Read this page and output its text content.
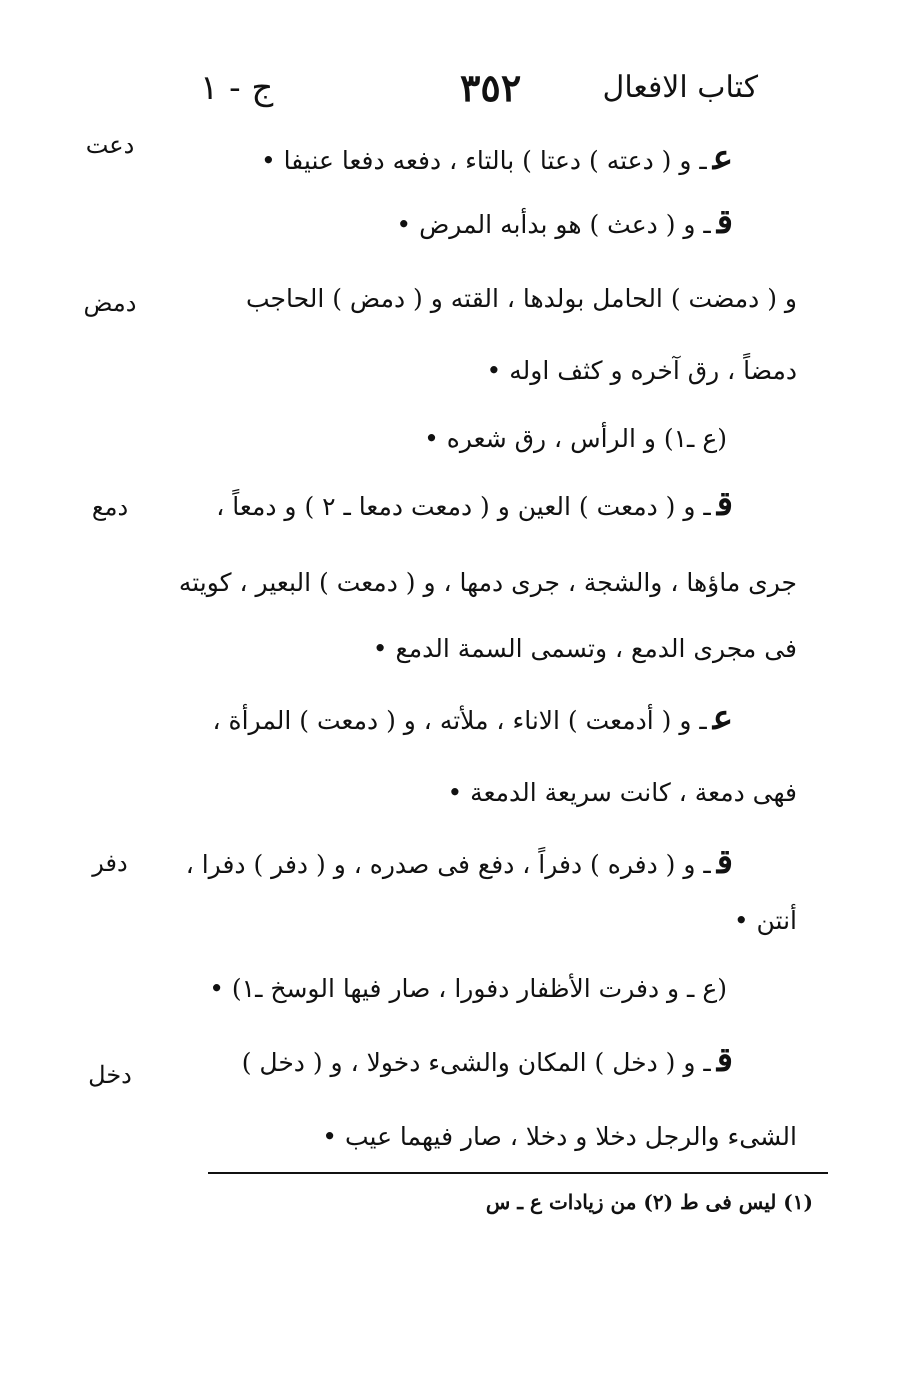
كتاب الافعال
٣٥٢
ج - ١
دعت
دمض
دمع
دفر
دخل
عـ و ( دعته ) دعتا ) بالتاء ، دفعه دفعا عنيفا •
قـ و ( دعث ) هو بدأبه المرض •
و ( دمضت ) الحامل بولدها ، القته و ( دمض ) الحاجب
دمضاً ، رق آخره و كثف اوله •
(ع ـ١) و الرأس ، رق شعره •
قـ و ( دمعت ) العين و ( دمعت دمعا ـ ٢ ) و دمعاً ،
جرى ماؤها ، والشجة ، جرى دمها ، و ( دمعت ) البعير ، كويته
فى مجرى الدمع ، وتسمى السمة الدمع •
عـ و ( أدمعت ) الاناء ، ملأته ، و ( دمعت ) المرأة ،
فهى دمعة ، كانت سريعة الدمعة •
قـ و ( دفره ) دفراً ، دفع فى صدره ، و ( دفر ) دفرا ،
أنتن •
(ع ـ و دفرت الأظفار دفورا ، صار فيها الوسخ ـ١) •
قـ و ( دخل ) المكان والشىء دخولا ، و ( دخل )
الشىء والرجل دخلا و دخلا ، صار فيهما عيب •
(١) ليس فى ط (٢) من زيادات ع ـ س
